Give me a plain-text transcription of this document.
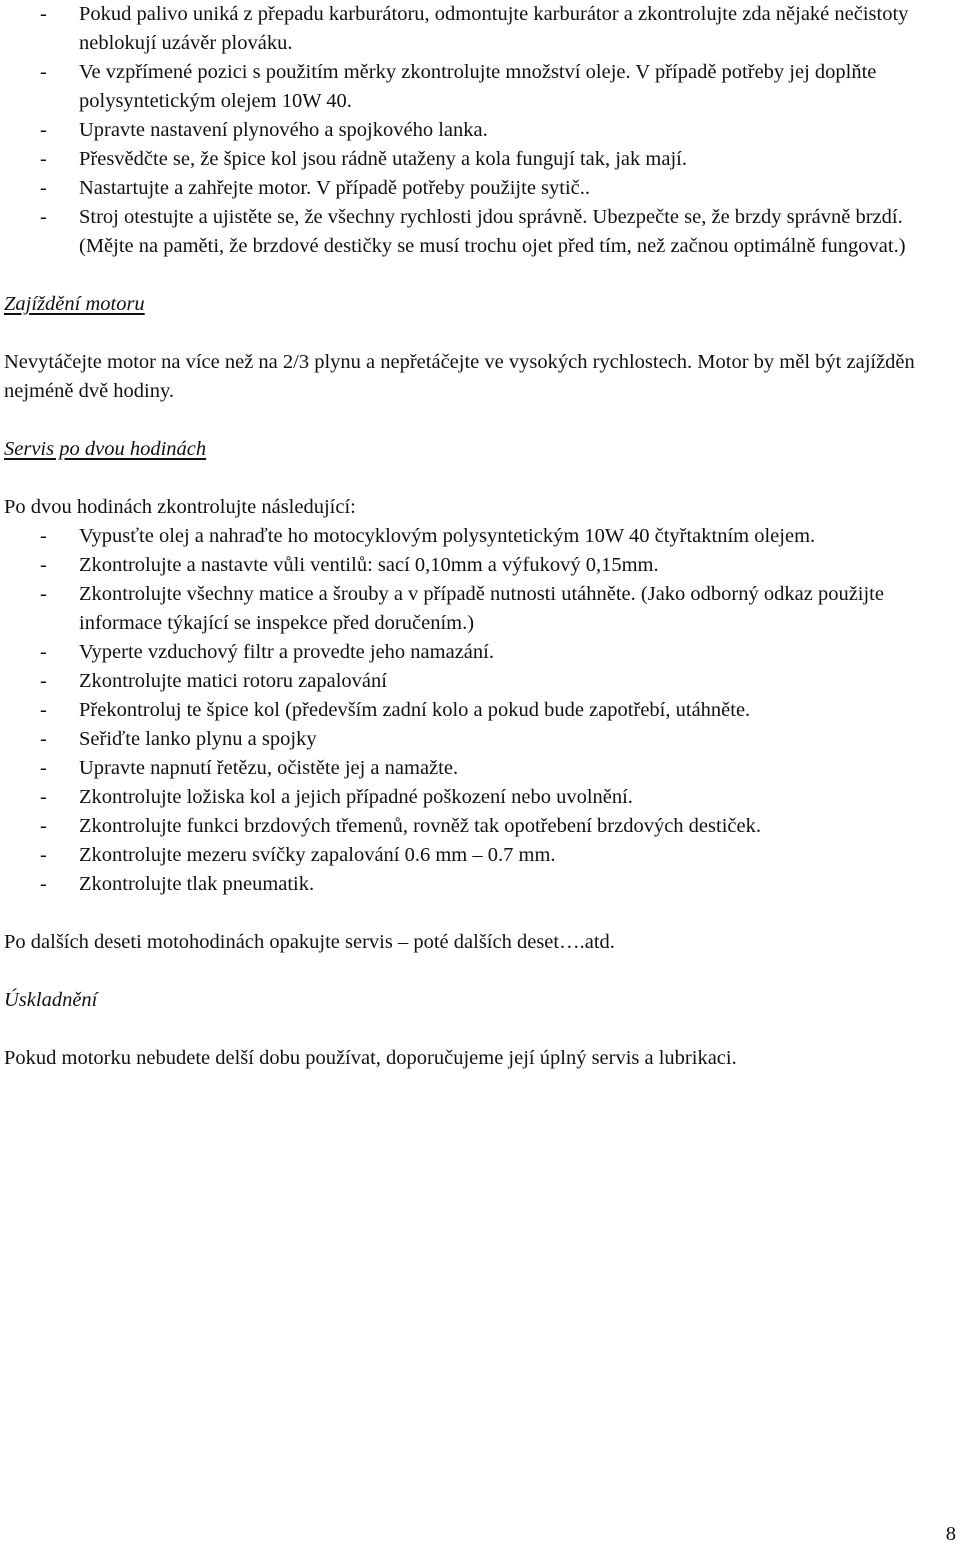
- Pokud palivo uniká z přepadu karburátoru, odmontujte karburátor a zkontrolujte zda nějaké nečistoty neblokují uzávěr plováku.
- Ve vzpřímené pozici s použitím měrky zkontrolujte množství oleje. V případě potřeby jej doplňte polysyntetickým olejem 10W 40.
- Upravte nastavení plynového a spojkového lanka.
- Přesvědčte se, že špice kol jsou rádně utaženy a kola fungují tak, jak mají.
- Nastartujte a zahřejte motor. V případě potřeby použijte sytič..
- Stroj otestujte a ujistěte se, že všechny rychlosti jdou správně. Ubezpečte se, že brzdy správně brzdí. (Mějte na paměti, že brzdové destičky se musí trochu ojet před tím, než začnou optimálně fungovat.)

Zajíždění motoru

Nevytáčejte motor na více než na 2/3 plynu a nepřetáčejte ve vysokých rychlostech. Motor by měl být zajížděn nejméně dvě hodiny.

Servis po dvou hodinách

Po dvou hodinách zkontrolujte následující:

- Vypusťte olej a nahraďte ho motocyklovým polysyntetickým 10W 40 čtyřtaktním olejem.
- Zkontrolujte a nastavte vůli ventilů: sací 0,10mm a výfukový 0,15mm.
- Zkontrolujte všechny matice a šrouby a v případě nutnosti utáhněte. (Jako odborný odkaz použijte informace týkající se inspekce před doručením.)
- Vyperte vzduchový filtr a provedte jeho namazání.
- Zkontrolujte matici rotoru zapalování
- Překontroluj te špice kol (především zadní kolo a pokud bude zapotřebí, utáhněte.
- Seřiďte lanko plynu a spojky
- Upravte napnutí řetězu, očistěte jej a namažte.
- Zkontrolujte ložiska kol a jejich případné poškození nebo uvolnění.
- Zkontrolujte funkci brzdových třemenů, rovněž tak opotřebení brzdových destiček.
- Zkontrolujte mezeru svíčky zapalování 0.6 mm – 0.7 mm.
- Zkontrolujte tlak pneumatik.

Po dalších deseti motohodinách opakujte servis – poté dalších deset….atd.

Úskladnění

Pokud motorku nebudete delší dobu používat, doporučujeme její úplný servis a lubrikaci.

8
